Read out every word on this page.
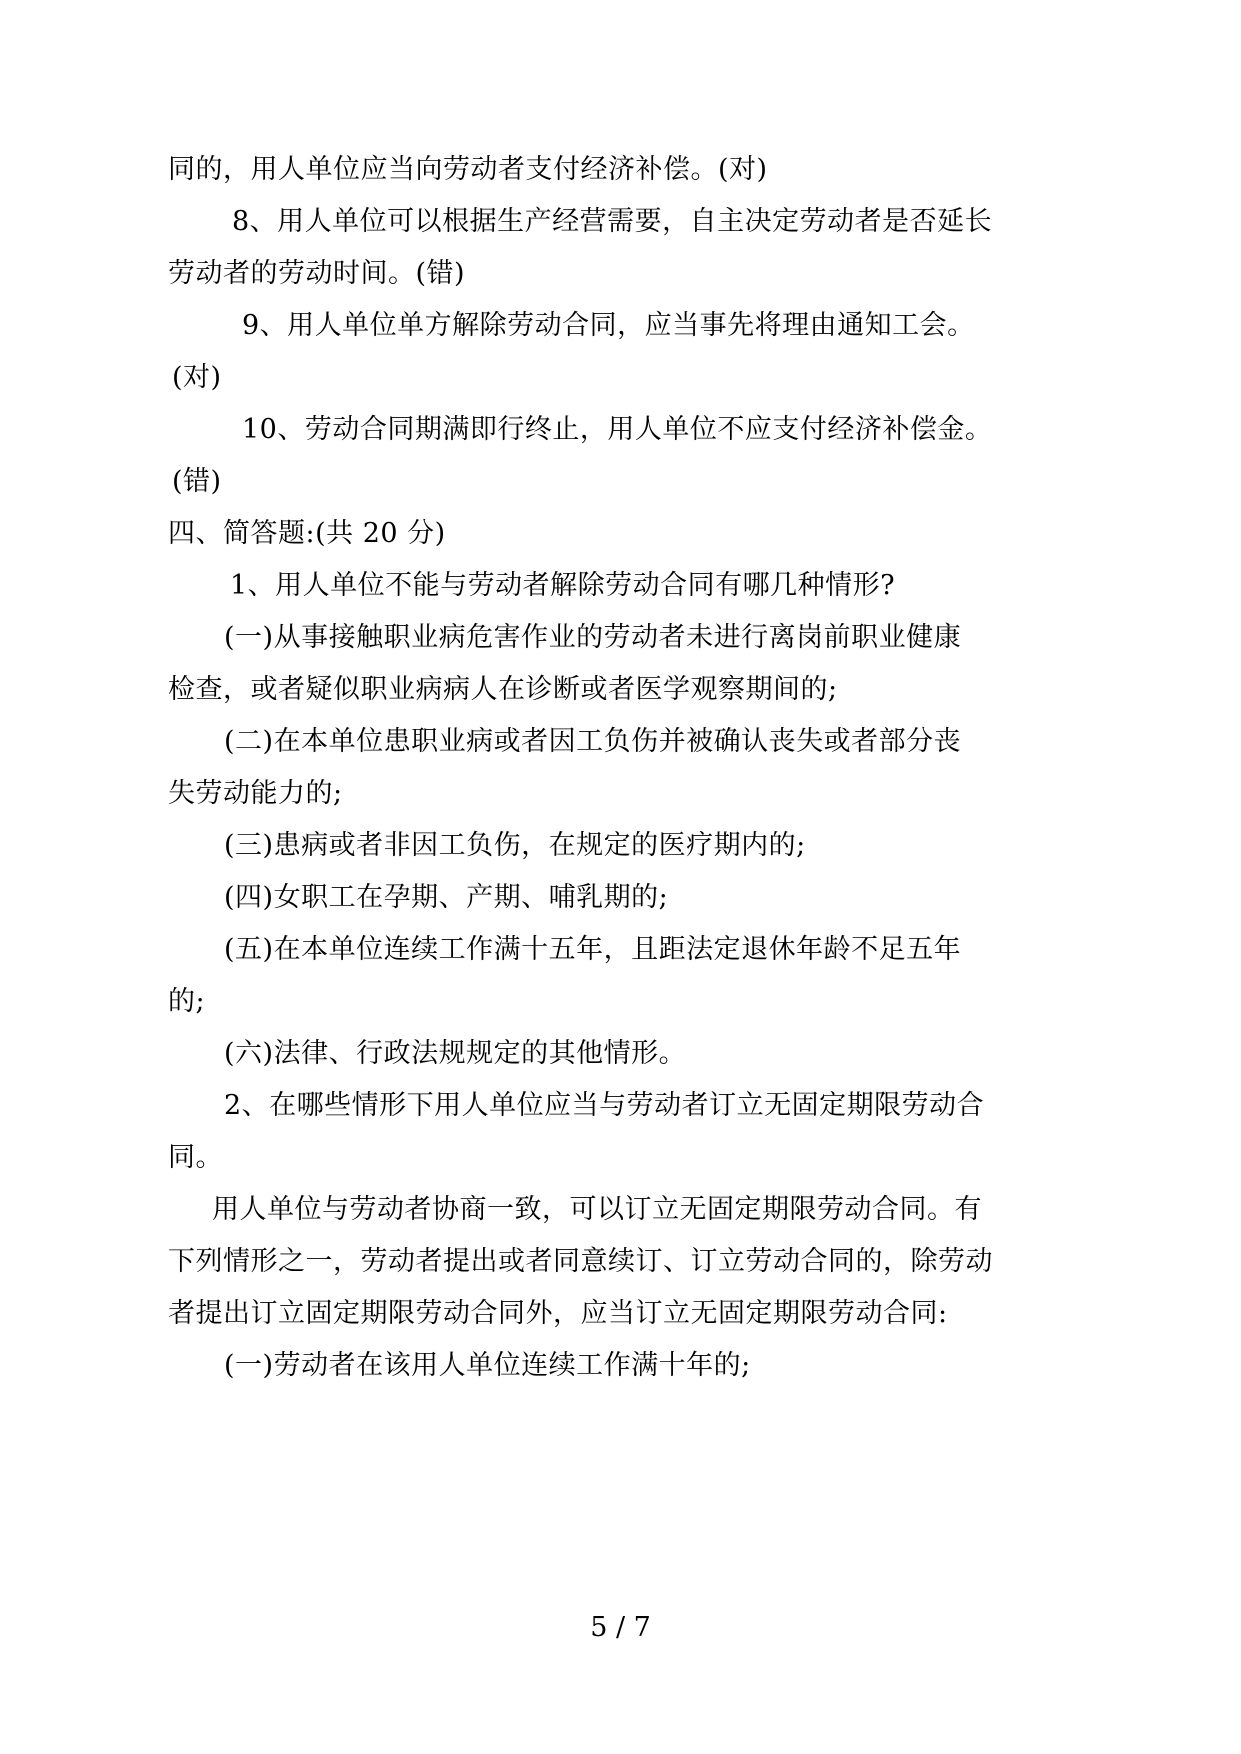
同的，用人单位应当向劳动者支付经济补偿。(对)

8、用人单位可以根据生产经营需要，自主决定劳动者是否延长

劳动者的劳动时间。(错)

9、用人单位单方解除劳动合同，应当事先将理由通知工会。

(对)

10、劳动合同期满即行终止，用人单位不应支付经济补偿金。

(错)

四、简答题:(共 20 分)

1、用人单位不能与劳动者解除劳动合同有哪几种情形?

(一)从事接触职业病危害作业的劳动者未进行离岗前职业健康

检查，或者疑似职业病病人在诊断或者医学观察期间的;

(二)在本单位患职业病或者因工负伤并被确认丧失或者部分丧

失劳动能力的;

(三)患病或者非因工负伤，在规定的医疗期内的;

(四)女职工在孕期、产期、哺乳期的;

(五)在本单位连续工作满十五年，且距法定退休年龄不足五年

的;

(六)法律、行政法规规定的其他情形。

2、在哪些情形下用人单位应当与劳动者订立无固定期限劳动合

同。

用人单位与劳动者协商一致，可以订立无固定期限劳动合同。有

下列情形之一，劳动者提出或者同意续订、订立劳动合同的，除劳动

者提出订立固定期限劳动合同外，应当订立无固定期限劳动合同:

(一)劳动者在该用人单位连续工作满十年的;

5 / 7
